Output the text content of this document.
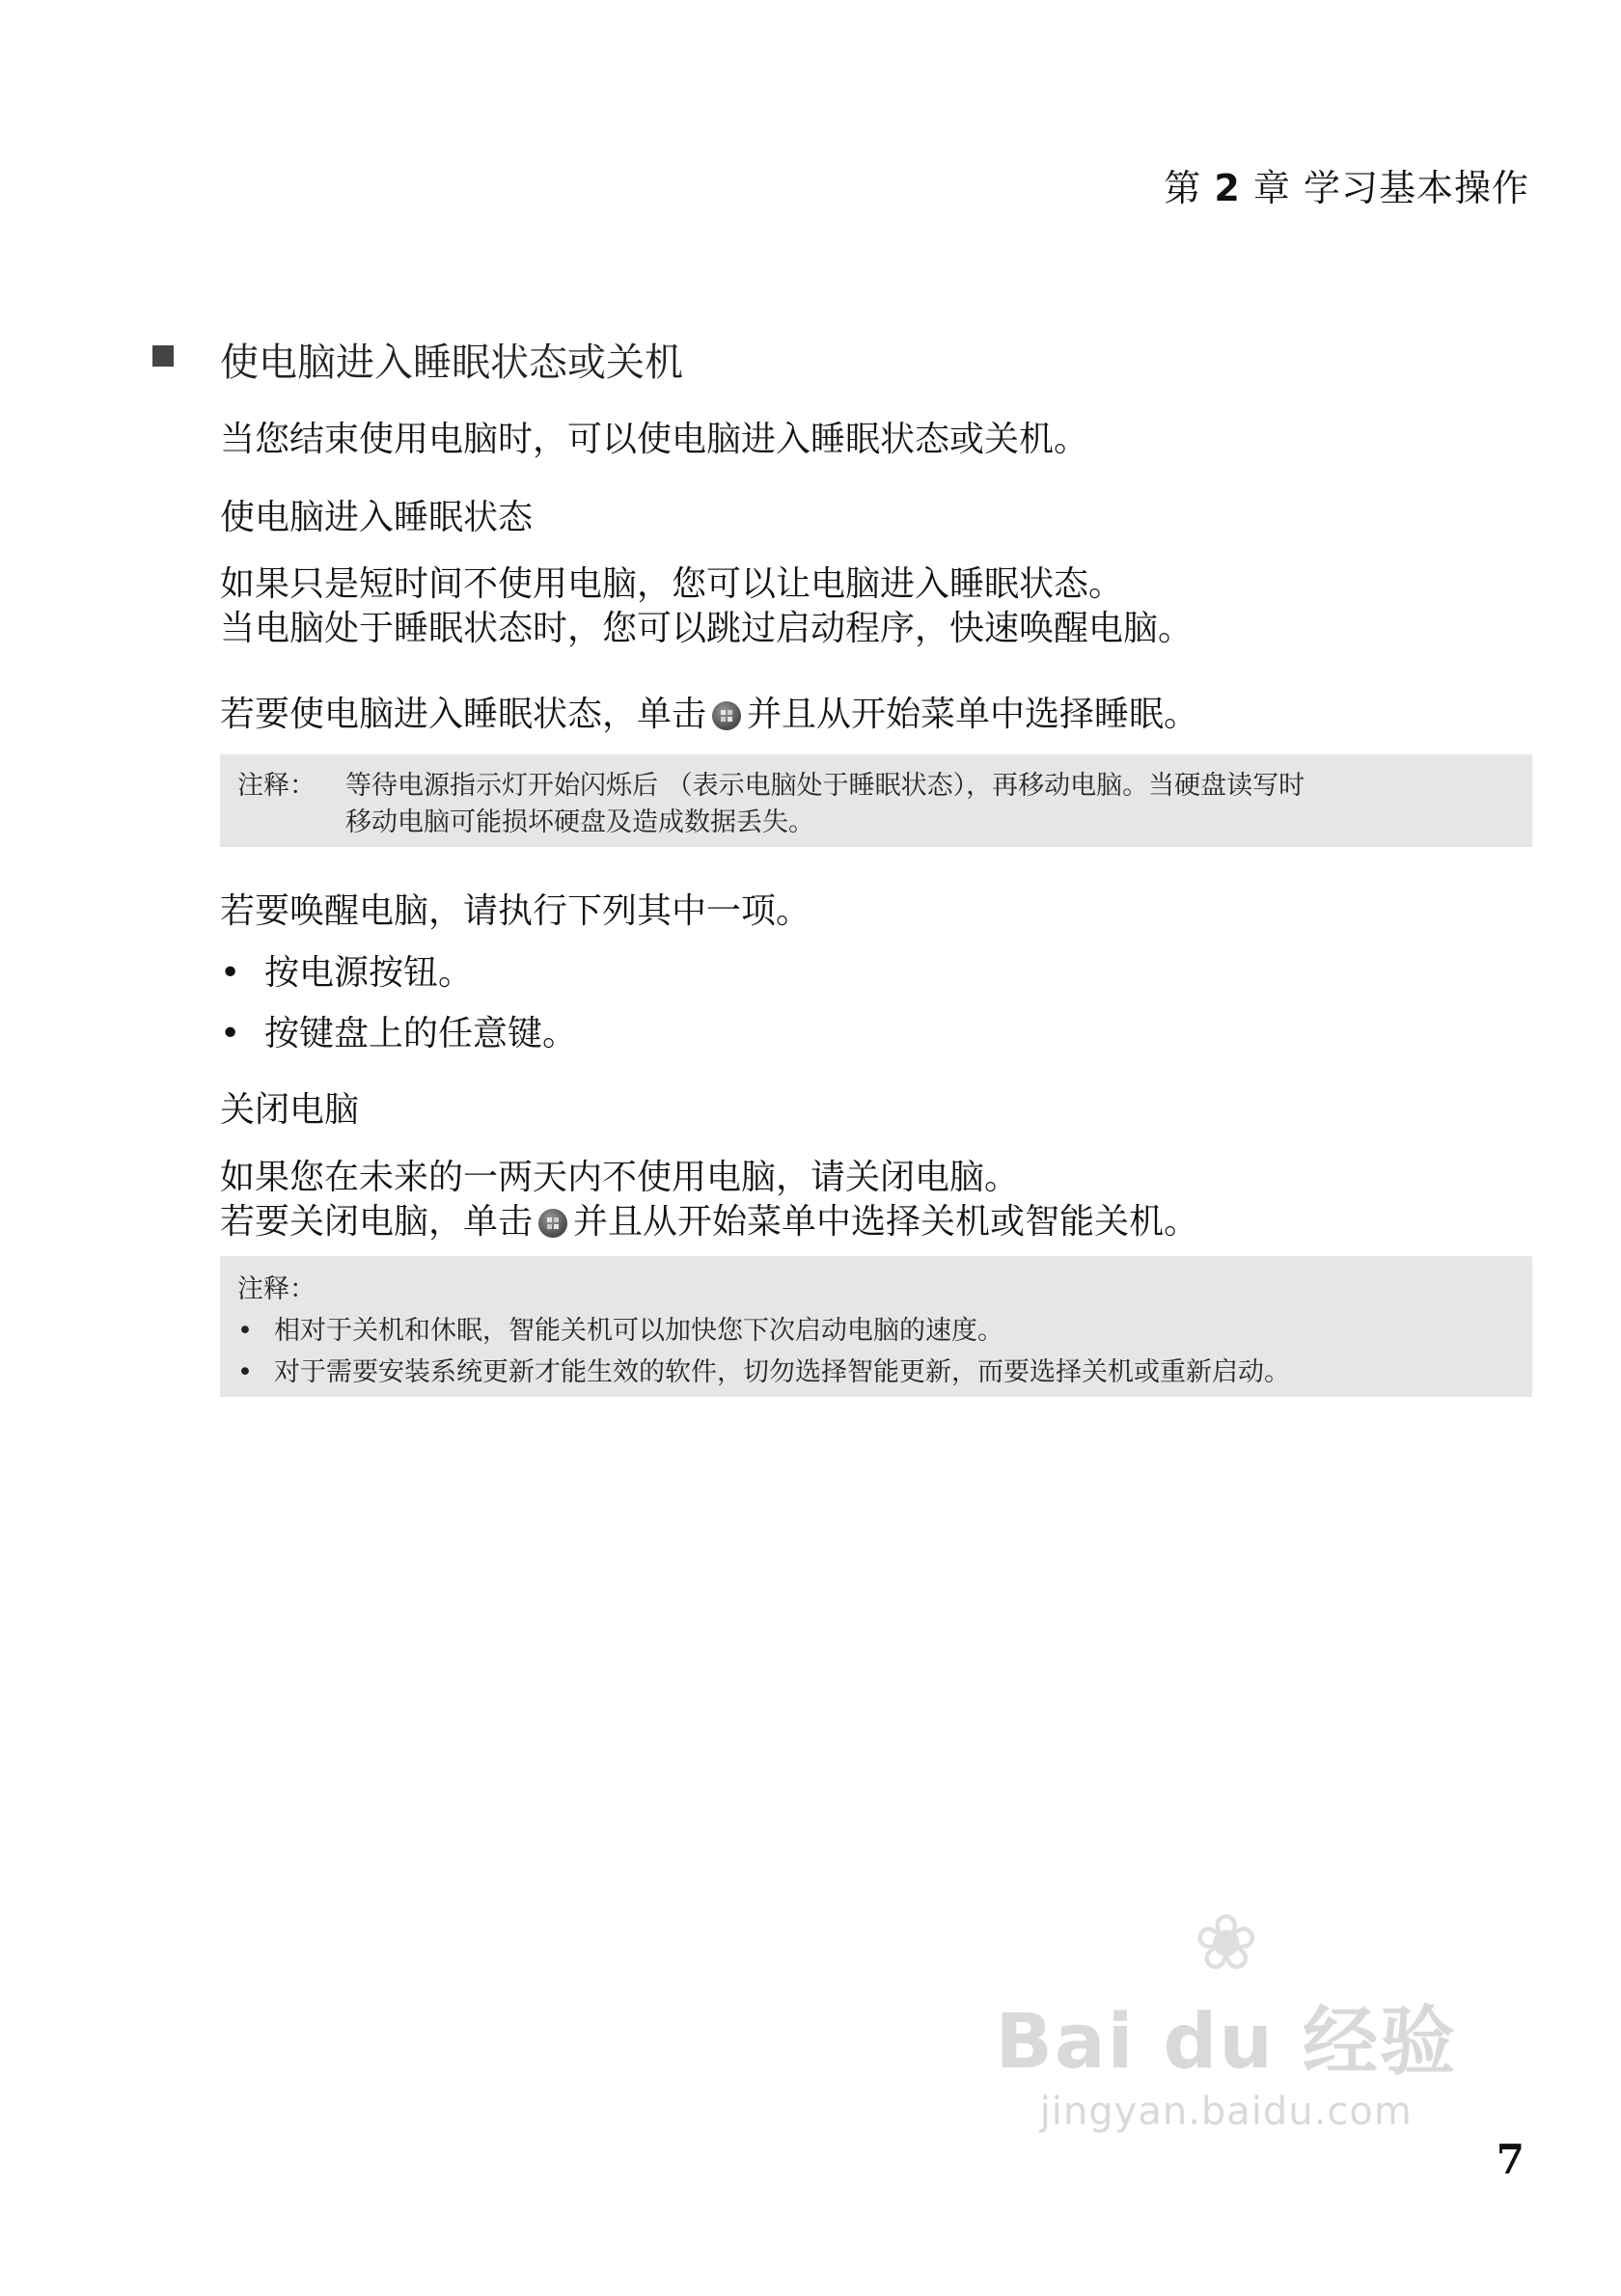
第 2 章 学习基本操作
使电脑进入睡眠状态或关机
当您结束使用电脑时，可以使电脑进入睡眠状态或关机。
使电脑进入睡眠状态
如果只是短时间不使用电脑，您可以让电脑进入睡眠状态。
当电脑处于睡眠状态时，您可以跳过启动程序，快速唤醒电脑。
若要使电脑进入睡眠状态，单击 并且从开始菜单中选择睡眠。
注释： 等待电源指示灯开始闪烁后 （表示电脑处于睡眠状态），再移动电脑。当硬盘读写时
移动电脑可能损坏硬盘及造成数据丢失。
若要唤醒电脑，请执行下列其中一项。
• 按电源按钮。
• 按键盘上的任意键。
关闭电脑
如果您在未来的一两天内不使用电脑，请关闭电脑。
若要关闭电脑，单击 并且从开始菜单中选择关机或智能关机。
注释：
• 相对于关机和休眠，智能关机可以加快您下次启动电脑的速度。
• 对于需要安装系统更新才能生效的软件，切勿选择智能更新，而要选择关机或重新启动。
❀
Bai du 经验
jingyan.baidu.com
7
